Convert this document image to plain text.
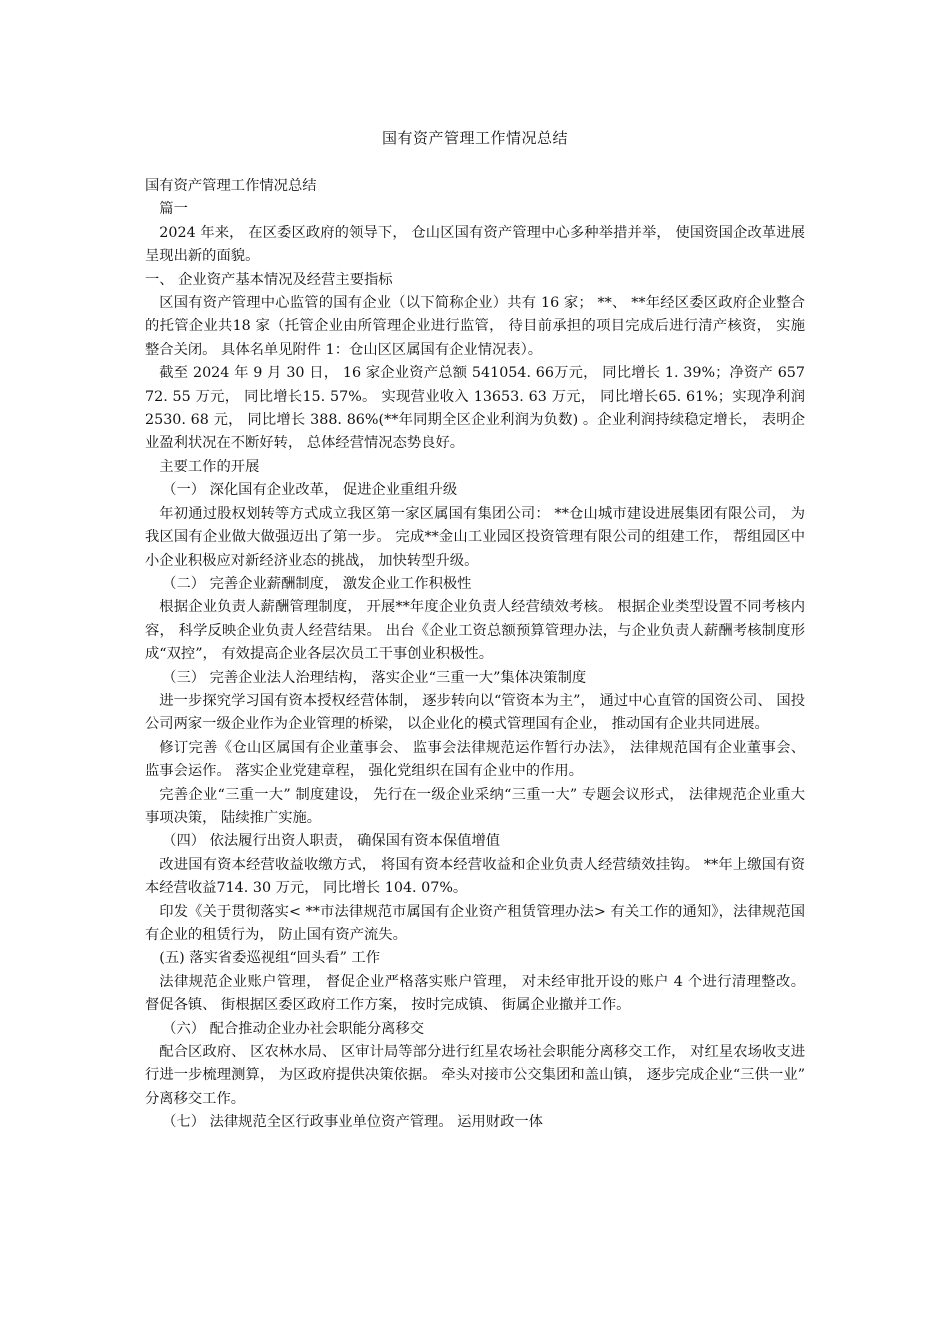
国有资产管理工作情况总结

国有资产管理工作情况总结

篇一

2024 年来， 在区委区政府的领导下， 仓山区国有资产管理中心多种举措并举， 使国资国企改革进展呈现出新的面貌。

一、 企业资产基本情况及经营主要指标

区国有资产管理中心监管的国有企业（以下简称企业）共有 16 家； **、 **年经区委区政府企业整合的托管企业共18 家（托管企业由所管理企业进行监管， 待目前承担的项目完成后进行清产核资， 实施整合关闭。 具体名单见附件 1：仓山区区属国有企业情况表）。

截至 2024 年 9 月 30 日， 16 家企业资产总额 541054. 66万元， 同比增长 1. 39%；净资产 65772. 55 万元， 同比增长15. 57%。 实现营业收入 13653. 63 万元， 同比增长65. 61%；实现净利润 2530. 68 元， 同比增长 388. 86%(**年同期全区企业利润为负数) 。企业利润持续稳定增长， 表明企业盈利状况在不断好转， 总体经营情况态势良好。

主要工作的开展

（一） 深化国有企业改革， 促进企业重组升级

年初通过股权划转等方式成立我区第一家区属国有集团公司： **仓山城市建设进展集团有限公司， 为我区国有企业做大做强迈出了第一步。 完成**金山工业园区投资管理有限公司的组建工作， 帮组园区中小企业积极应对新经济业态的挑战， 加快转型升级。

（二） 完善企业薪酬制度， 激发企业工作积极性

根据企业负责人薪酬管理制度， 开展**年度企业负责人经营绩效考核。 根据企业类型设置不同考核内容， 科学反映企业负责人经营结果。 出台《企业工资总额预算管理办法，与企业负责人薪酬考核制度形成“双控”， 有效提高企业各层次员工干事创业积极性。

（三） 完善企业法人治理结构， 落实企业“三重一大”集体决策制度

进一步探究学习国有资本授权经营体制， 逐步转向以“管资本为主”， 通过中心直管的国资公司、 国投公司两家一级企业作为企业管理的桥梁， 以企业化的模式管理国有企业， 推动国有企业共同进展。

修订完善《仓山区属国有企业董事会、 监事会法律规范运作暂行办法》， 法律规范国有企业董事会、 监事会运作。 落实企业党建章程， 强化党组织在国有企业中的作用。

完善企业“三重一大” 制度建设， 先行在一级企业采纳“三重一大” 专题会议形式， 法律规范企业重大事项决策， 陆续推广实施。

（四） 依法履行出资人职责， 确保国有资本保值增值

改进国有资本经营收益收缴方式， 将国有资本经营收益和企业负责人经营绩效挂钩。 **年上缴国有资本经营收益714. 30 万元， 同比增长 104. 07%。

印发《关于贯彻落实< **市法律规范市属国有企业资产租赁管理办法> 有关工作的通知》，法律规范国有企业的租赁行为， 防止国有资产流失。

(五) 落实省委巡视组“回头看” 工作

法律规范企业账户管理， 督促企业严格落实账户管理， 对未经审批开设的账户 4 个进行清理整改。 督促各镇、 街根据区委区政府工作方案， 按时完成镇、 街属企业撤并工作。

（六） 配合推动企业办社会职能分离移交

配合区政府、 区农林水局、 区审计局等部分进行红星农场社会职能分离移交工作， 对红星农场收支进行进一步梳理测算， 为区政府提供决策依据。 牵头对接市公交集团和盖山镇， 逐步完成企业“三供一业” 分离移交工作。

（七） 法律规范全区行政事业单位资产管理。 运用财政一体
